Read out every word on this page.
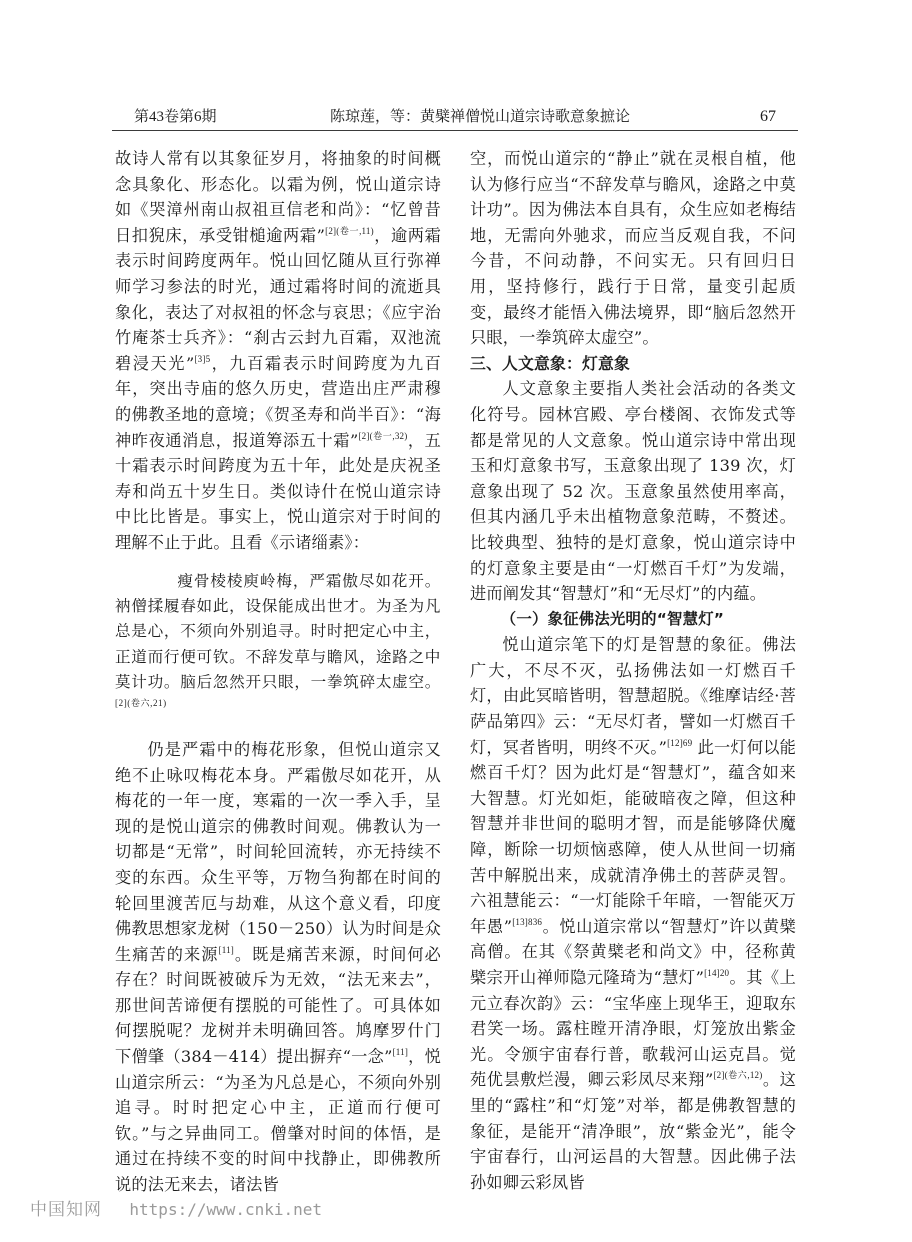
第43卷第6期	陈琼莲，等：黄檗禅僧悦山道宗诗歌意象摭论	67

故诗人常有以其象征岁月，将抽象的时间概念具象化、形态化。以霜为例，悦山道宗诗如《哭漳州南山叔祖亘信老和尚》：“忆曾昔日扣猊床，承受钳槌逾两霜”$^{[2](卷一,11)}$，逾两霜表示时间跨度两年。悦山回忆随从亘行弥禅师学习参法的时光，通过霜将时间的流逝具象化，表达了对叔祖的怀念与哀思；《应宇治竹庵茶士兵齐》：“刹古云封九百霜，双池流碧浸天光”$^{[3]5}$，九百霜表示时间跨度为九百年，突出寺庙的悠久历史，营造出庄严肃穆的佛教圣地的意境；《贺圣寿和尚半百》：“海神昨夜通消息，报道筹添五十霜”$^{[2](卷一,32)}$，五十霜表示时间跨度为五十年，此处是庆祝圣寿和尚五十岁生日。类似诗什在悦山道宗诗中比比皆是。事实上，悦山道宗对于时间的理解不止于此。且看《示诸缁素》：

瘦骨棱棱庾岭梅，严霜傲尽如花开。衲僧揉履春如此，设保能成出世才。为圣为凡总是心，不须向外别追寻。时时把定心中主，正道而行便可钦。不辞发草与瞻风，途路之中莫计功。脑后忽然开只眼，一拳筑碎太虚空。$^{[2](卷六,21)}$

仍是严霜中的梅花形象，但悦山道宗又绝不止咏叹梅花本身。严霜傲尽如花开，从梅花的一年一度，寒霜的一次一季入手，呈现的是悦山道宗的佛教时间观。佛教认为一切都是“无常”，时间轮回流转，亦无持续不变的东西。众生平等，万物刍狗都在时间的轮回里渡苦厄与劫难，从这个意义看，印度佛教思想家龙树（150－250）认为时间是众生痛苦的来源[11]。既是痛苦来源，时间何必存在？时间既被破斥为无效，“法无来去”，那世间苦谛便有摆脱的可能性了。可具体如何摆脱呢？龙树并未明确回答。鸠摩罗什门下僧肇（384－414）提出摒弃“一念”[11]，悦山道宗所云：“为圣为凡总是心，不须向外别追寻。时时把定心中主，正道而行便可钦。”与之异曲同工。僧肇对时间的体悟，是通过在持续不变的时间中找静止，即佛教所说的法无来去，诸法皆

空，而悦山道宗的“静止”就在灵根自植，他认为修行应当“不辞发草与瞻风，途路之中莫计功”。因为佛法本自具有，众生应如老梅结地，无需向外驰求，而应当反观自我，不问今昔，不问动静，不问实无。只有回归日用，坚持修行，践行于日常，量变引起质变，最终才能悟入佛法境界，即“脑后忽然开只眼，一拳筑碎太虚空”。

三、人文意象：灯意象

人文意象主要指人类社会活动的各类文化符号。园林宫殿、亭台楼阁、衣饰发式等都是常见的人文意象。悦山道宗诗中常出现玉和灯意象书写，玉意象出现了 139 次，灯意象出现了 52 次。玉意象虽然使用率高，但其内涵几乎未出植物意象范畴，不赘述。比较典型、独特的是灯意象，悦山道宗诗中的灯意象主要是由“一灯燃百千灯”为发端，进而阐发其“智慧灯”和“无尽灯”的内蕴。

（一）象征佛法光明的“智慧灯”

悦山道宗笔下的灯是智慧的象征。佛法广大，不尽不灭，弘扬佛法如一灯燃百千灯，由此冥暗皆明，智慧超脱。《维摩诘经·菩萨品第四》云：“无尽灯者，譬如一灯燃百千灯，冥者皆明，明终不灭。”$^{[12]69}$ 此一灯何以能燃百千灯？因为此灯是“智慧灯”，蕴含如来大智慧。灯光如炬，能破暗夜之障，但这种智慧并非世间的聪明才智，而是能够降伏魔障，断除一切烦恼惑障，使人从世间一切痛苦中解脱出来，成就清净佛土的菩萨灵智。六祖慧能云：“一灯能除千年暗，一智能灭万年愚”$^{[13]836}$。悦山道宗常以“智慧灯”许以黄檗高僧。在其《祭黄檗老和尚文》中，径称黄檗宗开山禅师隐元隆琦为“慧灯”$^{[14]20}$。其《上元立春次韵》云：“宝华座上现华王，迎取东君笑一场。露柱瞠开清净眼，灯笼放出紫金光。令颁宇宙春行普，歌载河山运克昌。觉苑优昙敷烂漫，卿云彩凤尽来翔”$^{[2](卷六,12)}$。这里的“露柱”和“灯笼”对举，都是佛教智慧的象征，是能开“清净眼”，放“紫金光”，能令宇宙春行，山河运昌的大智慧。因此佛子法孙如卿云彩凤皆

中国知网 https://www.cnki.net
